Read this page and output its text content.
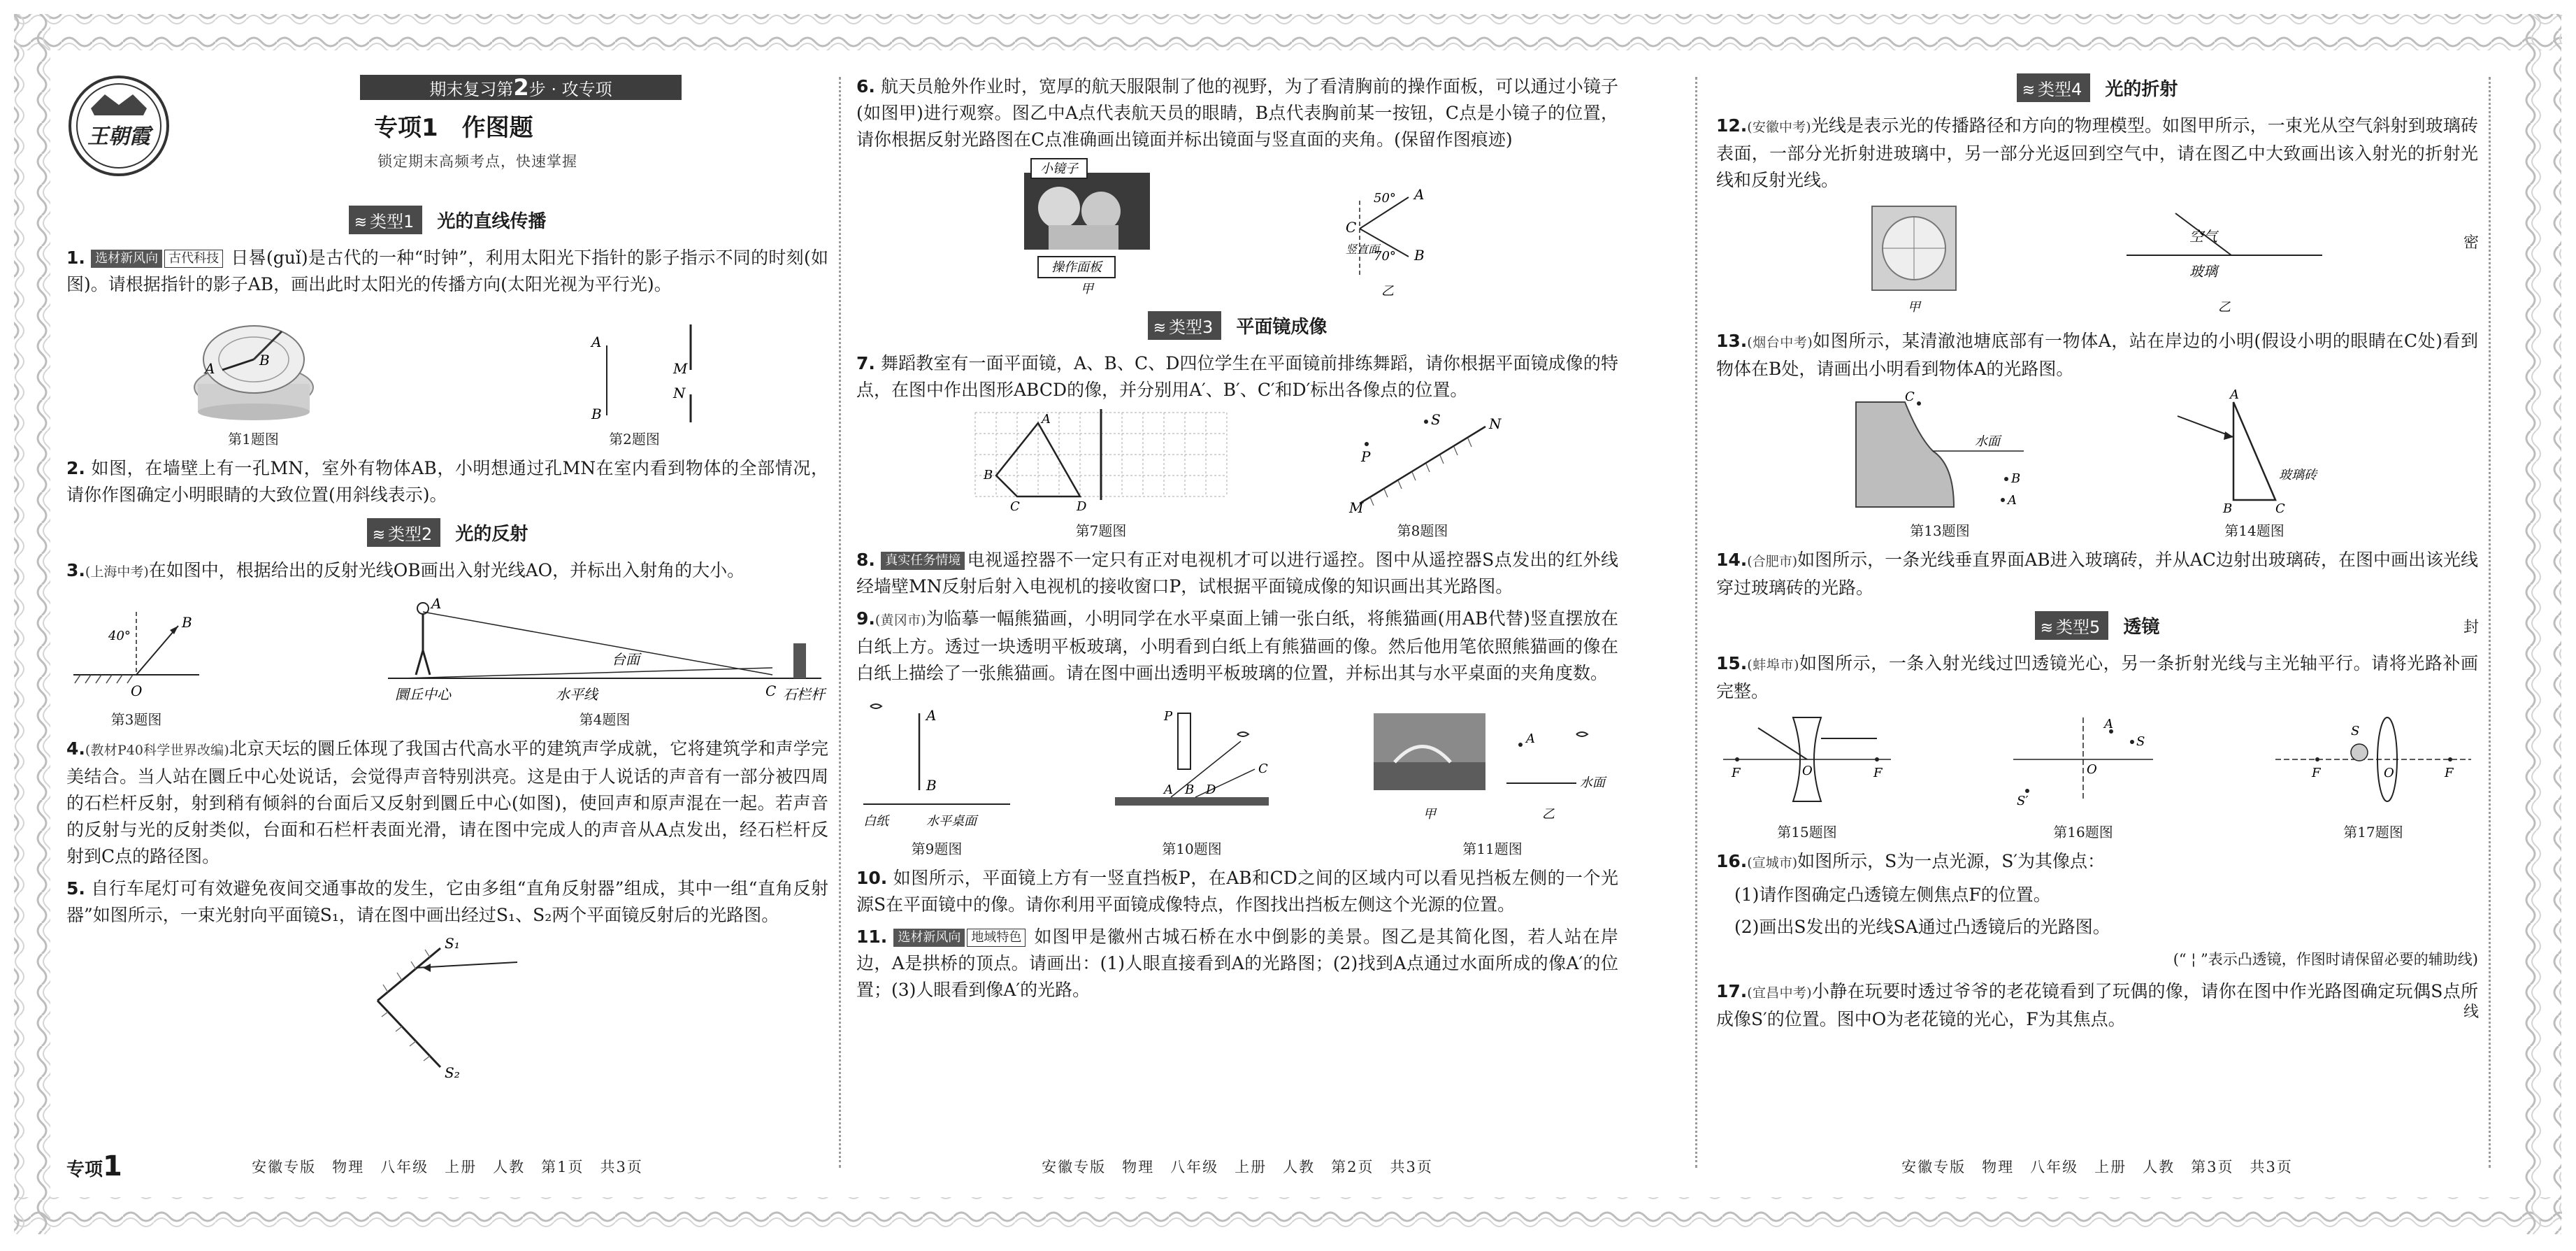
密
封
线
王朝霞
期末复习第2步 · 攻专项
专项1　作图题
锁定期末高频考点，快速掌握
≋ 类型1 光的直线传播
1. 选材新风向 古代科技 日晷(guǐ)是古代的一种“时钟”，利用太阳光下指针的影子指示不同的时刻(如图)。请根据指针的影子AB，画出此时太阳光的传播方向(太阳光视为平行光)。
A	B
第1题图
A
B
M
N
第2题图
2. 如图，在墙壁上有一孔MN，室外有物体AB，小明想通过孔MN在室内看到物体的全部情况，请你作图确定小明眼睛的大致位置(用斜线表示)。
≋ 类型2 光的反射
3.(上海中考)在如图中，根据给出的反射光线OB画出入射光线AO，并标出入射角的大小。
40°
B
O
第3题图
A
C
台面
圜丘中心	水平线	石栏杆
第4题图
4.(教材P40科学世界改编)北京天坛的圜丘体现了我国古代高水平的建筑声学成就，它将建筑学和声学完美结合。当人站在圜丘中心处说话，会觉得声音特别洪亮。这是由于人说话的声音有一部分被四周的石栏杆反射，射到稍有倾斜的台面后又反射到圜丘中心(如图)，使回声和原声混在一起。若声音的反射与光的反射类似，台面和石栏杆表面光滑，请在图中完成人的声音从A点发出，经石栏杆反射到C点的路径图。
5. 自行车尾灯可有效避免夜间交通事故的发生，它由多组“直角反射器”组成，其中一组“直角反射器”如图所示，一束光射向平面镜S₁，请在图中画出经过S₁、S₂两个平面镜反射后的光路图。
S₁
S₂
专项1	安徽专版　物理　八年级　上册　人教　第1页　共3页
6. 航天员舱外作业时，宽厚的航天服限制了他的视野，为了看清胸前的操作面板，可以通过小镜子(如图甲)进行观察。图乙中A点代表航天员的眼睛，B点代表胸前某一按钮，C点是小镜子的位置，请你根据反射光路图在C点准确画出镜面并标出镜面与竖直面的夹角。(保留作图痕迹)
小镜子
操作面板
甲
50°
70°
A
B
C
竖直面
乙
≋ 类型3 平面镜成像
7. 舞蹈教室有一面平面镜，A、B、C、D四位学生在平面镜前排练舞蹈，请你根据平面镜成像的特点，在图中作出图形ABCD的像，并分别用A′、B′、C′和D′标出各像点的位置。
B
C	D
A
第7题图
P
S	N
M
第8题图
8. 真实任务情境 电视遥控器不一定只有正对电视机才可以进行遥控。图中从遥控器S点发出的红外线经墙壁MN反射后射入电视机的接收窗口P，试根据平面镜成像的知识画出其光路图。
9.(黄冈市)为临摹一幅熊猫画，小明同学在水平桌面上铺一张白纸，将熊猫画(用AB代替)竖直摆放在白纸上方。透过一块透明平板玻璃，小明看到白纸上有熊猫画的像。然后他用笔依照熊猫画的像在白纸上描绘了一张熊猫画。请在图中画出透明平板玻璃的位置，并标出其与水平桌面的夹角度数。
A
B
白纸	水平桌面
第9题图
P
A B D
C
第10题图
A
水面
甲	乙
第11题图
10. 如图所示，平面镜上方有一竖直挡板P，在AB和CD之间的区域内可以看见挡板左侧的一个光源S在平面镜中的像。请你利用平面镜成像特点，作图找出挡板左侧这个光源的位置。
11. 选材新风向 地域特色 如图甲是徽州古城石桥在水中倒影的美景。图乙是其简化图，若人站在岸边，A是拱桥的顶点。请画出：(1)人眼直接看到A的光路图；(2)找到A点通过水面所成的像A′的位置；(3)人眼看到像A′的光路。
安徽专版　物理　八年级　上册　人教　第2页　共3页
≋ 类型4 光的折射
12.(安徽中考)光线是表示光的传播路径和方向的物理模型。如图甲所示，一束光从空气斜射到玻璃砖表面，一部分光折射进玻璃中，另一部分光返回到空气中，请在图乙中大致画出该入射光的折射光线和反射光线。
甲
空气
玻璃
乙
13.(烟台中考)如图所示，某清澈池塘底部有一物体A，站在岸边的小明(假设小明的眼睛在C处)看到物体在B处，请画出小明看到物体A的光路图。
C
B
A
水面
第13题图
A
B	C
玻璃砖
第14题图
14.(合肥市)如图所示，一条光线垂直界面AB进入玻璃砖，并从AC边射出玻璃砖，在图中画出该光线穿过玻璃砖的光路。
≋ 类型5 透镜
15.(蚌埠市)如图所示，一条入射光线过凹透镜光心，另一条折射光线与主光轴平行。请将光路补画完整。
F	O	F
第15题图
A
S
S′
O
第16题图
F	F
O
S
第17题图
16.(宣城市)如图所示，S为一点光源，S′为其像点：
(1)请作图确定凸透镜左侧焦点F的位置。
(2)画出S发出的光线SA通过凸透镜后的光路图。
(“ ¦ ”表示凸透镜，作图时请保留必要的辅助线)
17.(宜昌中考)小静在玩要时透过爷爷的老花镜看到了玩偶的像，请你在图中作光路图确定玩偶S点所成像S′的位置。图中O为老花镜的光心，F为其焦点。
安徽专版　物理　八年级　上册　人教　第3页　共3页
